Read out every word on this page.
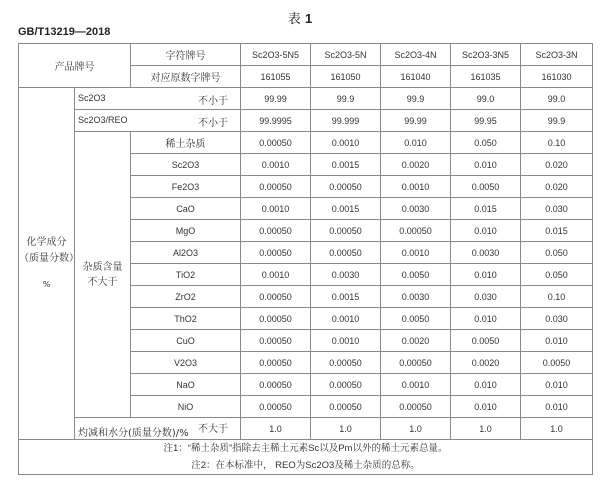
表 1
GB/T13219—2018
产品牌号		字符牌号	Sc2O3-5N5	Sc2O3-5N	Sc2O3-4N	Sc2O3-3N5	Sc2O3-3N
		对应原数字牌号	161055	161050	161040	161035	161030

化学成分
（质量分数）
%	Sc2O3 不小于		99.99	99.9	99.9	99.0	99.0

	Sc2O3/REO 不小于		99.9995	99.999	99.99	99.95	99.9

	杂质含量
不大于	稀土杂质	0.00050	0.0010	0.010	0.050	0.10
		Sc2O3	0.0010	0.0015	0.0020	0.010	0.020
		Fe2O3	0.00050	0.00050	0.0010	0.0050	0.020
		CaO	0.0010	0.0015	0.0030	0.015	0.030
		MgO	0.00050	0.00050	0.00050	0.010	0.015
		Al2O3	0.00050	0.00050	0.0010	0.0030	0.050
		TiO2	0.0010	0.0030	0.0050	0.010	0.050
		ZrO2	0.00050	0.0015	0.0030	0.030	0.10
		ThO2	0.00050	0.0010	0.0050	0.010	0.030
		CuO	0.00050	0.0010	0.0020	0.0050	0.010
		V2O3	0.00050	0.00050	0.00050	0.0020	0.0050
		NaO	0.00050	0.00050	0.0010	0.010	0.010
		NiO	0.00050	0.00050	0.00050	0.010	0.010

	灼减和水分(质量分数)/% 不大于		1.0	1.0	1.0	1.0	1.0

注1：“稀土杂质”指除去主稀土元素Sc以及Pm以外的稀土元素总量。
注2：在本标准中， REO为Sc2O3及稀土杂质的总称。							
